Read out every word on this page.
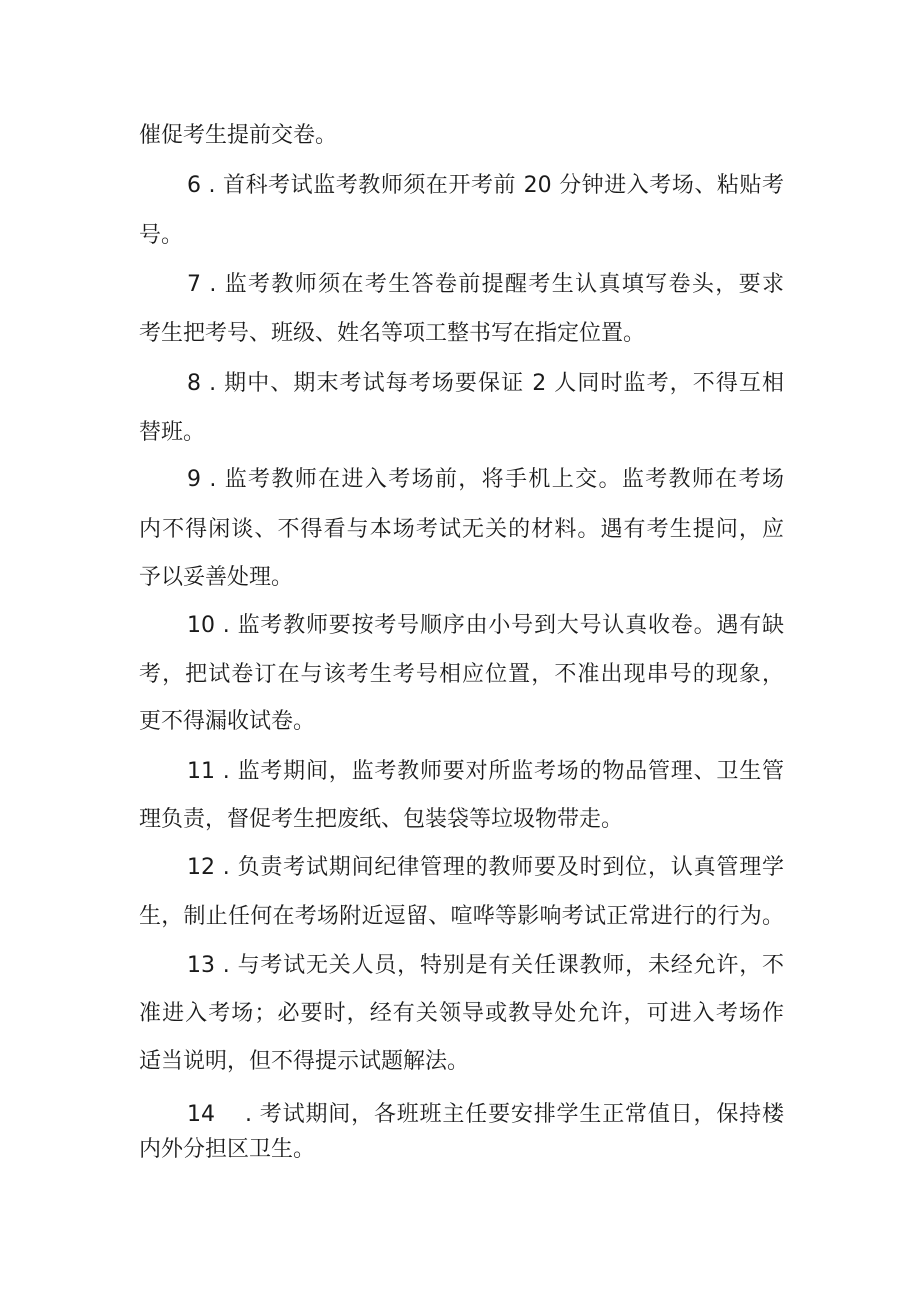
催促考生提前交卷。
6 . 首科考试监考教师须在开考前 20 分钟进入考场、粘贴考
号。
7 . 监考教师须在考生答卷前提醒考生认真填写卷头，要求
考生把考号、班级、姓名等项工整书写在指定位置。
8 . 期中、期末考试每考场要保证 2 人同时监考，不得互相
替班。
9 . 监考教师在进入考场前，将手机上交。监考教师在考场
内不得闲谈、不得看与本场考试无关的材料。遇有考生提问，应
予以妥善处理。
10 . 监考教师要按考号顺序由小号到大号认真收卷。遇有缺
考，把试卷订在与该考生考号相应位置，不准出现串号的现象，
更不得漏收试卷。
11 . 监考期间，监考教师要对所监考场的物品管理、卫生管
理负责，督促考生把废纸、包装袋等垃圾物带走。
12 . 负责考试期间纪律管理的教师要及时到位，认真管理学
生，制止任何在考场附近逗留、喧哗等影响考试正常进行的行为。
13 . 与考试无关人员，特别是有关任课教师，未经允许，不
准进入考场；必要时，经有关领导或教导处允许，可进入考场作
适当说明，但不得提示试题解法。
14 . 考试期间，各班班主任要安排学生正常值日，保持楼
内外分担区卫生。
